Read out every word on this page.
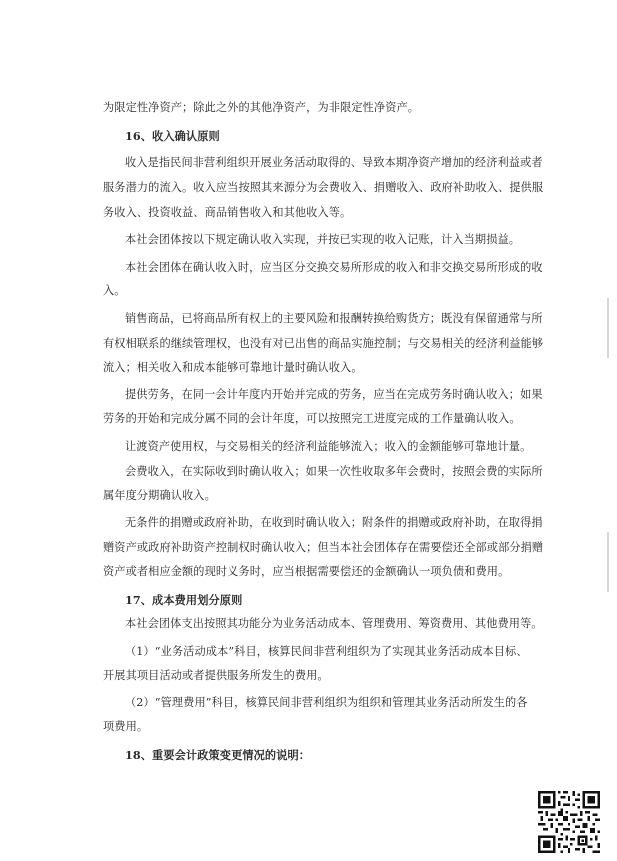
为限定性净资产；除此之外的其他净资产，为非限定性净资产。
16、收入确认原则
收入是指民间非营利组织开展业务活动取得的、导致本期净资产增加的经济利益或者
服务潜力的流入。收入应当按照其来源分为会费收入、捐赠收入、政府补助收入、提供服
务收入、投资收益、商品销售收入和其他收入等。
本社会团体按以下规定确认收入实现，并按已实现的收入记账，计入当期损益。
本社会团体在确认收入时，应当区分交换交易所形成的收入和非交换交易所形成的收
入。
销售商品，已将商品所有权上的主要风险和报酬转换给购货方；既没有保留通常与所
有权相联系的继续管理权，也没有对已出售的商品实施控制；与交易相关的经济利益能够
流入；相关收入和成本能够可靠地计量时确认收入。
提供劳务，在同一会计年度内开始并完成的劳务，应当在完成劳务时确认收入；如果
劳务的开始和完成分属不同的会计年度，可以按照完工进度完成的工作量确认收入。
让渡资产使用权，与交易相关的经济利益能够流入；收入的金额能够可靠地计量。
会费收入，在实际收到时确认收入；如果一次性收取多年会费时，按照会费的实际所
属年度分期确认收入。
无条件的捐赠或政府补助，在收到时确认收入；附条件的捐赠或政府补助，在取得捐
赠资产或政府补助资产控制权时确认收入；但当本社会团体存在需要偿还全部或部分捐赠
资产或者相应金额的现时义务时，应当根据需要偿还的金额确认一项负债和费用。
17、成本费用划分原则
本社会团体支出按照其功能分为业务活动成本、管理费用、筹资费用、其他费用等。
（1）“业务活动成本”科目，核算民间非营利组织为了实现其业务活动成本目标、
开展其项目活动或者提供服务所发生的费用。
（2）“管理费用”科目，核算民间非营利组织为组织和管理其业务活动所发生的各
项费用。
18、重要会计政策变更情况的说明：
